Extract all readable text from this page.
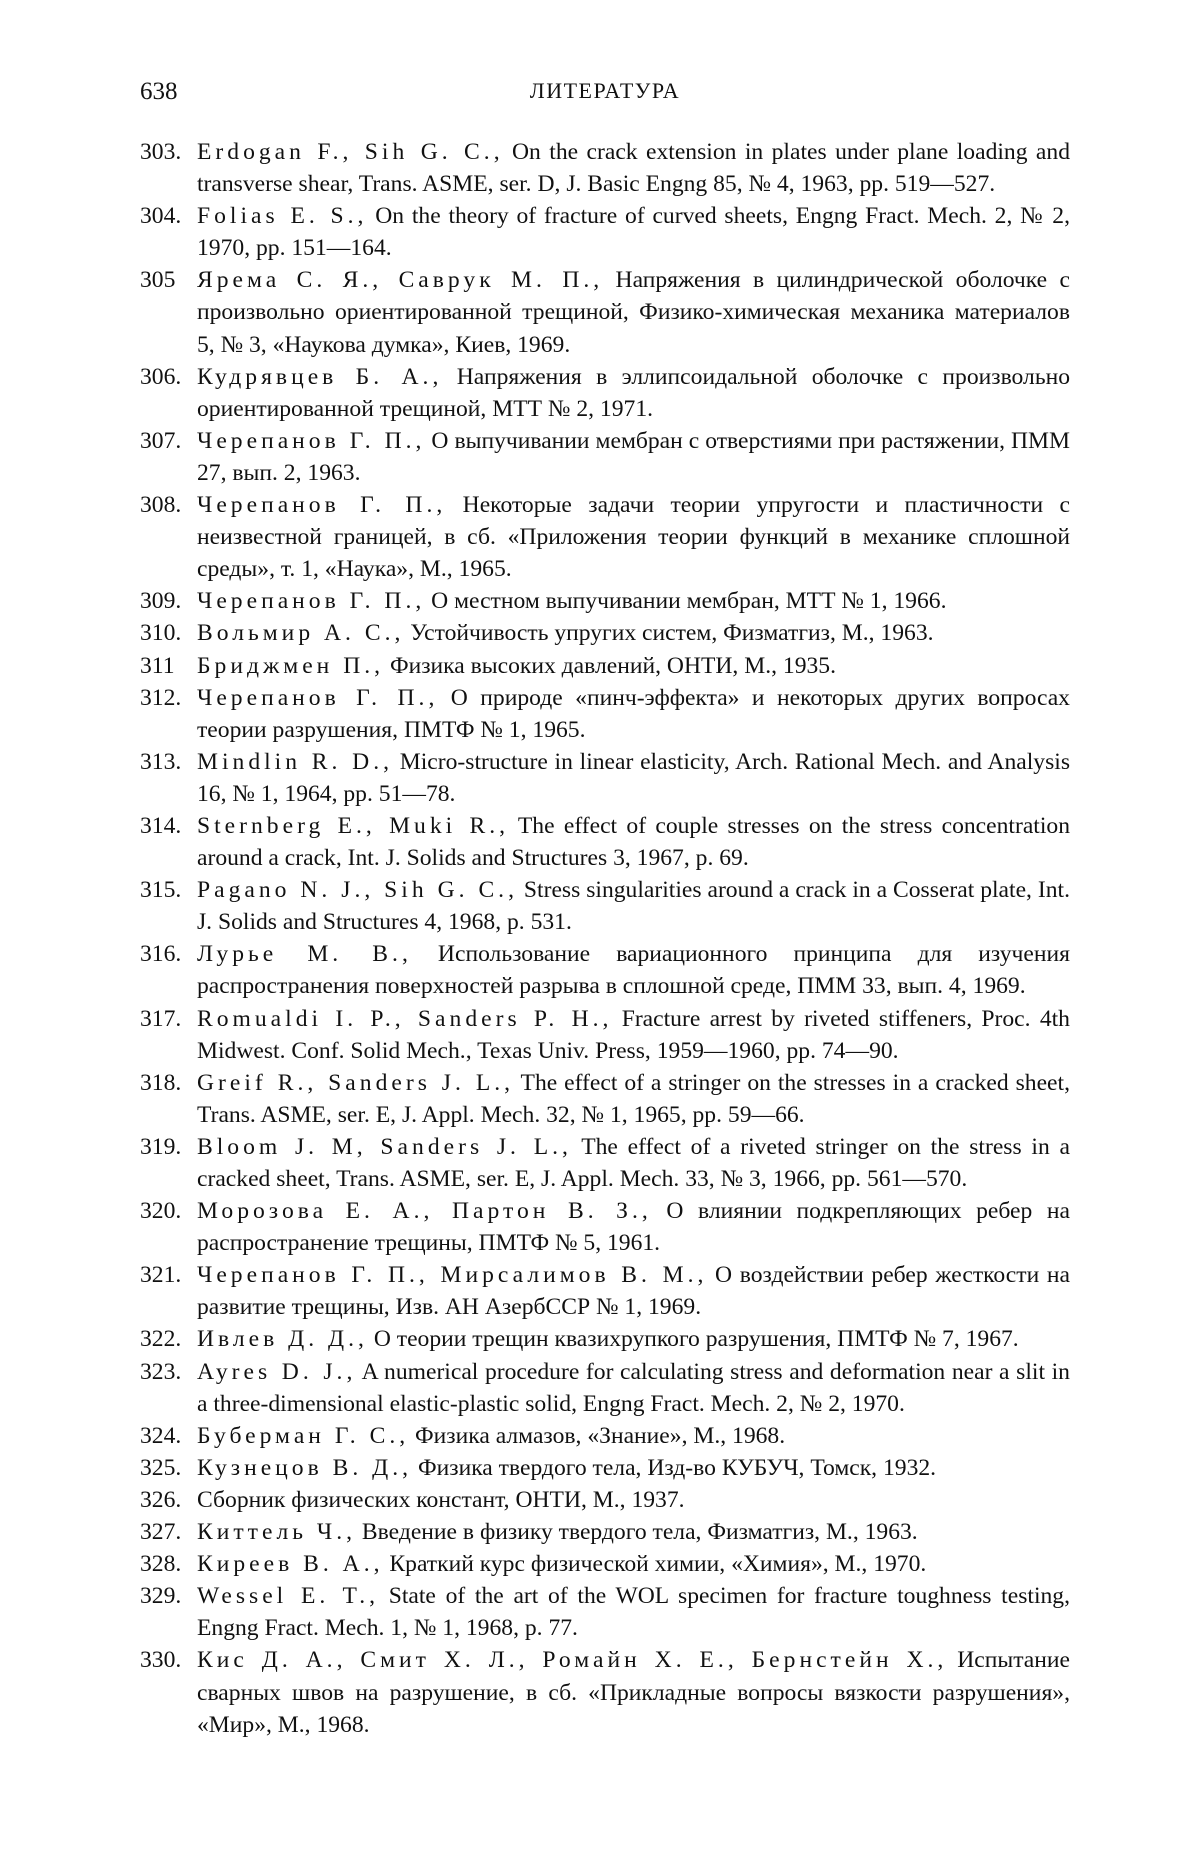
638	ЛИТЕРАТУРА
303. Erdogan F., Sih G. C., On the crack extension in plates under plane loading and transverse shear, Trans. ASME, ser. D, J. Basic Engng 85, № 4, 1963, pp. 519—527.
304. Folias E. S., On the theory of fracture of curved sheets, Engng Fract. Mech. 2, № 2, 1970, pp. 151—164.
305 Ярема С. Я., Саврук М. П., Напряжения в цилиндрической оболочке с произвольно ориентированной трещиной, Физико-химическая механика материалов 5, № 3, «Наукова думка», Киев, 1969.
306. Кудрявцев Б. А., Напряжения в эллипсоидальной оболочке с произвольно ориентированной трещиной, МТТ № 2, 1971.
307. Черепанов Г. П., О выпучивании мембран с отверстиями при растяжении, ПММ 27, вып. 2, 1963.
308. Черепанов Г. П., Некоторые задачи теории упругости и пластичности с неизвестной границей, в сб. «Приложения теории функций в механике сплошной среды», т. 1, «Наука», М., 1965.
309. Черепанов Г. П., О местном выпучивании мембран, МТТ № 1, 1966.
310. Вольмир А. С., Устойчивость упругих систем, Физматгиз, М., 1963.
311 Бриджмен П., Физика высоких давлений, ОНТИ, М., 1935.
312. Черепанов Г. П., О природе «пинч-эффекта» и некоторых других вопросах теории разрушения, ПМТФ № 1, 1965.
313. Mindlin R. D., Micro-structure in linear elasticity, Arch. Rational Mech. and Analysis 16, № 1, 1964, pp. 51—78.
314. Sternberg E., Muki R., The effect of couple stresses on the stress concentration around a crack, Int. J. Solids and Structures 3, 1967, p. 69.
315. Pagano N. J., Sih G. C., Stress singularities around a crack in a Cosserat plate, Int. J. Solids and Structures 4, 1968, p. 531.
316. Лурье М. В., Использование вариационного принципа для изучения распространения поверхностей разрыва в сплошной среде, ПММ 33, вып. 4, 1969.
317. Romualdi I. P., Sanders P. H., Fracture arrest by riveted stiffeners, Proc. 4th Midwest. Conf. Solid Mech., Texas Univ. Press, 1959—1960, pp. 74—90.
318. Greif R., Sanders J. L., The effect of a stringer on the stresses in a cracked sheet, Trans. ASME, ser. E, J. Appl. Mech. 32, № 1, 1965, pp. 59—66.
319. Bloom J. M, Sanders J. L., The effect of a riveted stringer on the stress in a cracked sheet, Trans. ASME, ser. E, J. Appl. Mech. 33, № 3, 1966, pp. 561—570.
320. Морозова Е. А., Партон В. З., О влиянии подкрепляющих ребер на распространение трещины, ПМТФ № 5, 1961.
321. Черепанов Г. П., Мирсалимов В. М., О воздействии ребер жесткости на развитие трещины, Изв. АН АзербССР № 1, 1969.
322. Ивлев Д. Д., О теории трещин квазихрупкого разрушения, ПМТФ № 7, 1967.
323. Ayres D. J., A numerical procedure for calculating stress and deformation near a slit in a three-dimensional elastic-plastic solid, Engng Fract. Mech. 2, № 2, 1970.
324. Буберман Г. С., Физика алмазов, «Знание», М., 1968.
325. Кузнецов В. Д., Физика твердого тела, Изд-во КУБУЧ, Томск, 1932.
326. Сборник физических констант, ОНТИ, М., 1937.
327. Киттель Ч., Введение в физику твердого тела, Физматгиз, М., 1963.
328. Киреев В. А., Краткий курс физической химии, «Химия», М., 1970.
329. Wessel E. T., State of the art of the WOL specimen for fracture toughness testing, Engng Fract. Mech. 1, № 1, 1968, p. 77.
330. Кис Д. А., Смит Х. Л., Ромайн Х. Е., Бернстейн Х., Испытание сварных швов на разрушение, в сб. «Прикладные вопросы вязкости разрушения», «Мир», М., 1968.
